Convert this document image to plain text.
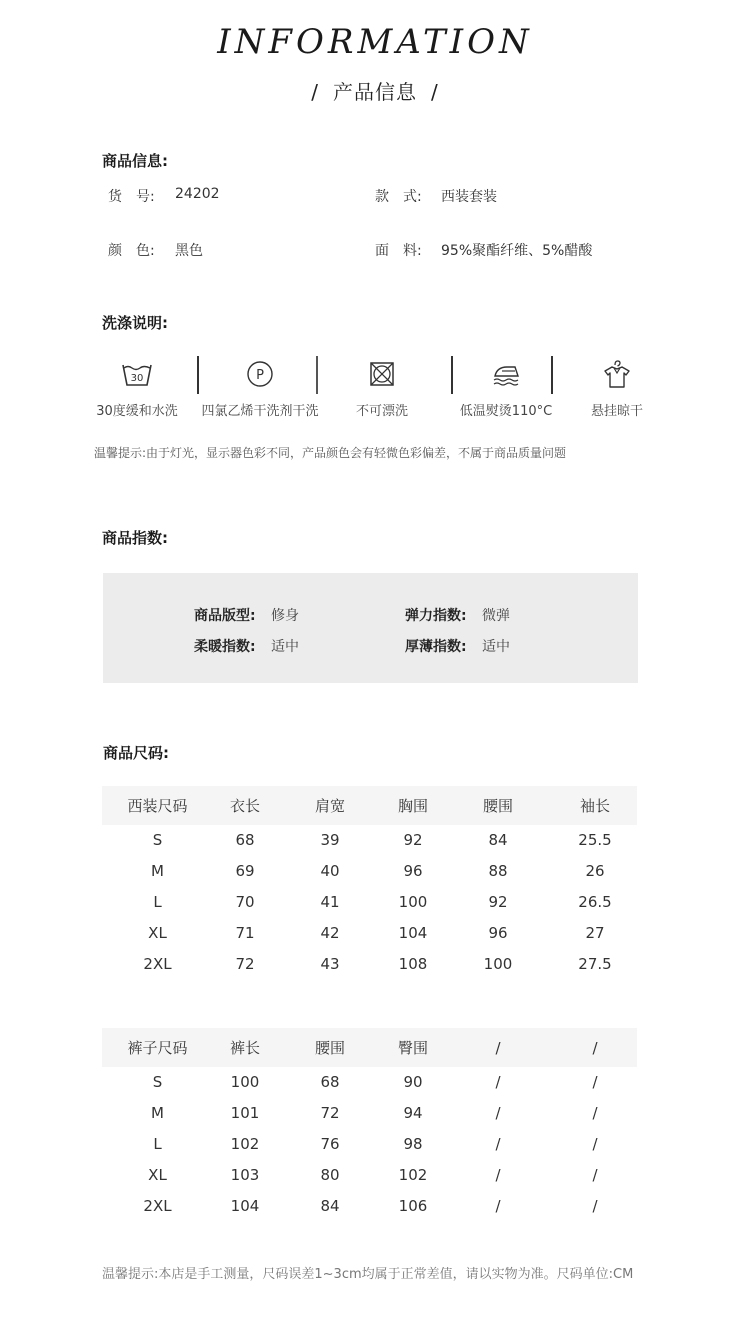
INFORMATION
/ 产品信息 /
商品信息:
货　号: 24202	款　式: 西装套装
颜　色: 黑色	面　料: 95%聚酯纤维、5%醋酸
洗涤说明:
30
30度缓和水洗
P
四氯乙烯干洗剂干洗	不可漂洗	低温熨烫110°C	悬挂晾干
温馨提示:由于灯光，显示器色彩不同，产品颜色会有轻微色彩偏差，不属于商品质量问题
商品指数:
商品版型: 修身	弹力指数: 微弹
柔暖指数: 适中	厚薄指数: 适中
商品尺码:
西装尺码	衣长	肩宽	胸围	腰围	袖长
S	68	39	92	84	25.5
M	69	40	96	88	26
L	70	41	100	92	26.5
XL	71	42	104	96	27
2XL	72	43	108	100	27.5
裤子尺码	裤长	腰围	臀围	/	/
S	100	68	90	/	/
M	101	72	94	/	/
L	102	76	98	/	/
XL	103	80	102	/	/
2XL	104	84	106	/	/
温馨提示:本店是手工测量，尺码误差1~3cm均属于正常差值，请以实物为准。尺码单位:CM
